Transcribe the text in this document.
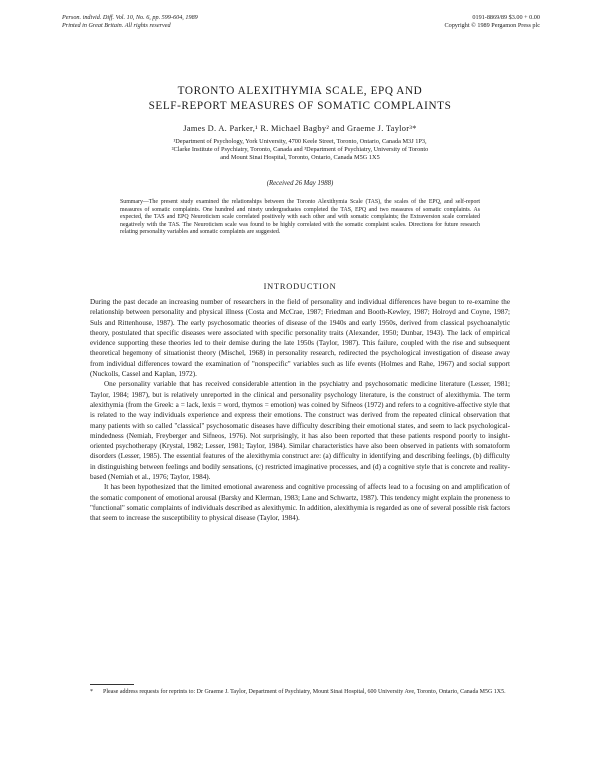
Person. individ. Diff. Vol. 10, No. 6, pp. 599-604, 1989
Printed in Great Britain. All rights reserved
0191-8869/89 $3.00 + 0.00
Copyright © 1989 Pergamon Press plc
TORONTO ALEXITHYMIA SCALE, EPQ AND
SELF-REPORT MEASURES OF SOMATIC COMPLAINTS
James D. A. Parker,¹ R. Michael Bagby² and Graeme J. Taylor³*
¹Department of Psychology, York University, 4700 Keele Street, Toronto, Ontario, Canada M3J 1P3,
²Clarke Institute of Psychiatry, Toronto, Canada and ³Department of Psychiatry, University of Toronto
and Mount Sinai Hospital, Toronto, Ontario, Canada M5G 1X5
(Received 26 May 1988)
Summary—The present study examined the relationships between the Toronto Alexithymia Scale (TAS), the scales of the EPQ, and self-report measures of somatic complaints. One hundred and ninety undergraduates completed the TAS, EPQ and two measures of somatic complaints. As expected, the TAS and EPQ Neuroticism scale correlated positively with each other and with somatic complaints; the Extraversion scale correlated negatively with the TAS. The Neuroticism scale was found to be highly correlated with the somatic complaint scales. Directions for future research relating personality variables and somatic complaints are suggested.
INTRODUCTION

During the past decade an increasing number of researchers in the field of personality and individual differences have begun to re-examine the relationship between personality and physical illness (Costa and McCrae, 1987; Friedman and Booth-Kewley, 1987; Holroyd and Coyne, 1987; Suls and Rittenhouse, 1987). The early psychosomatic theories of disease of the 1940s and early 1950s, derived from classical psychoanalytic theory, postulated that specific diseases were associated with specific personality traits (Alexander, 1950; Dunbar, 1943). The lack of empirical evidence supporting these theories led to their demise during the late 1950s (Taylor, 1987). This failure, coupled with the rise and subsequent theoretical hegemony of situationist theory (Mischel, 1968) in personality research, redirected the psychological investigation of disease away from individual differences toward the examination of "nonspecific" variables such as life events (Holmes and Rahe, 1967) and social support (Nuckolls, Cassel and Kaplan, 1972).

One personality variable that has received considerable attention in the psychiatry and psychosomatic medicine literature (Lesser, 1981; Taylor, 1984; 1987), but is relatively unreported in the clinical and personality psychology literature, is the construct of alexithymia. The term alexithymia (from the Greek: a = lack, lexis = word, thymos = emotion) was coined by Sifneos (1972) and refers to a cognitive-affective style that is related to the way individuals experience and express their emotions. The construct was derived from the repeated clinical observation that many patients with so called "classical" psychosomatic diseases have difficulty describing their emotional states, and seem to lack psychological-mindedness (Nemiah, Freyberger and Sifneos, 1976). Not surprisingly, it has also been reported that these patients respond poorly to insight-oriented psychotherapy (Krystal, 1982; Lesser, 1981; Taylor, 1984). Similar characteristics have also been observed in patients with somatoform disorders (Lesser, 1985). The essential features of the alexithymia construct are: (a) difficulty in identifying and describing feelings, (b) difficulty in distinguishing between feelings and bodily sensations, (c) restricted imaginative processes, and (d) a cognitive style that is concrete and reality-based (Nemiah et al., 1976; Taylor, 1984).

It has been hypothesized that the limited emotional awareness and cognitive processing of affects lead to a focusing on and amplification of the somatic component of emotional arousal (Barsky and Klerman, 1983; Lane and Schwartz, 1987). This tendency might explain the proneness to "functional" somatic complaints of individuals described as alexithymic. In addition, alexithymia is regarded as one of several possible risk factors that seem to increase the susceptibility to physical disease (Taylor, 1984).

* Please address requests for reprints to: Dr Graeme J. Taylor, Department of Psychiatry, Mount Sinai Hospital, 600 University Ave, Toronto, Ontario, Canada M5G 1X5.
